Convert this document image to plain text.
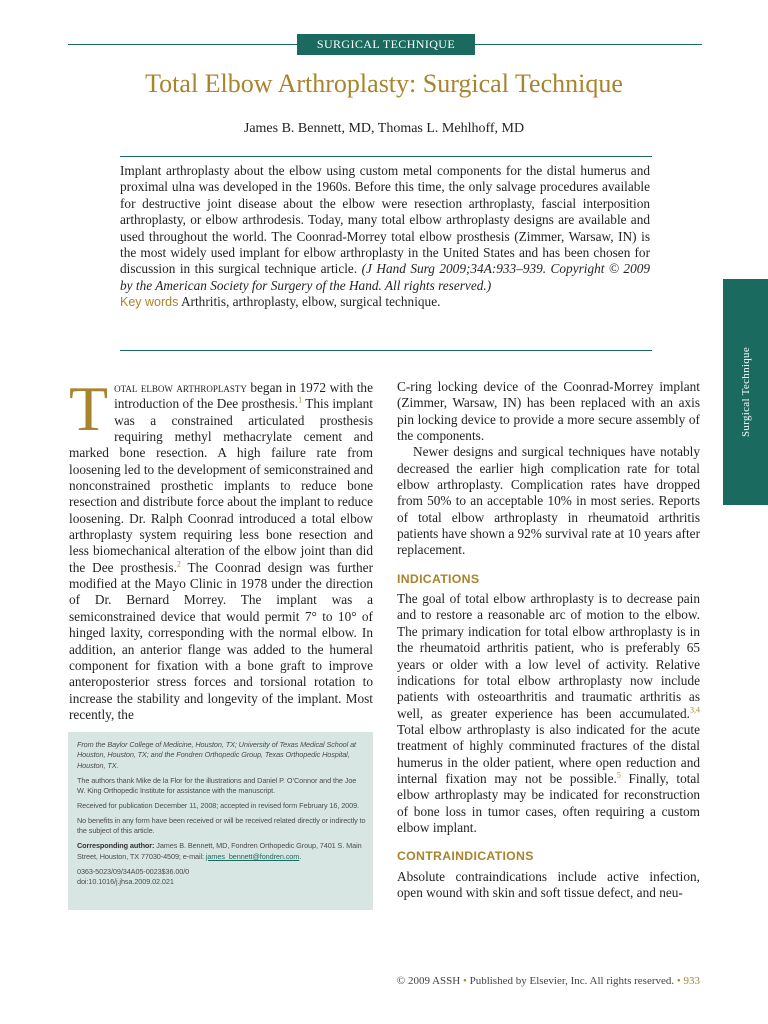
SURGICAL TECHNIQUE
Total Elbow Arthroplasty: Surgical Technique
James B. Bennett, MD, Thomas L. Mehlhoff, MD
Implant arthroplasty about the elbow using custom metal components for the distal humerus and proximal ulna was developed in the 1960s. Before this time, the only salvage procedures available for destructive joint disease about the elbow were resection arthroplasty, fascial interposition arthroplasty, or elbow arthrodesis. Today, many total elbow arthroplasty designs are available and used throughout the world. The Coonrad-Morrey total elbow prosthesis (Zimmer, Warsaw, IN) is the most widely used implant for elbow arthroplasty in the United States and has been chosen for discussion in this surgical technique article. (J Hand Surg 2009;34A:933–939. Copyright © 2009 by the American Society for Surgery of the Hand. All rights reserved.)
Key words Arthritis, arthroplasty, elbow, surgical technique.
Surgical Technique

Total elbow arthroplasty began in 1972 with the introduction of the Dee prosthesis.$^1$ This implant was a constrained articulated prosthesis requiring methyl methacrylate cement and marked bone resection. A high failure rate from loosening led to the development of semiconstrained and nonconstrained prosthetic implants to reduce bone resection and distribute force about the implant to reduce loosening. Dr. Ralph Coonrad introduced a total elbow arthroplasty system requiring less bone resection and less biomechanical alteration of the elbow joint than did the Dee prosthesis.$^2$ The Coonrad design was further modified at the Mayo Clinic in 1978 under the direction of Dr. Bernard Morrey. The implant was a semiconstrained device that would permit 7° to 10° of hinged laxity, corresponding with the normal elbow. In addition, an anterior flange was added to the humeral component for fixation with a bone graft to improve anteroposterior stress forces and torsional rotation to increase the stability and longevity of the implant. Most recently, the

From the Baylor College of Medicine, Houston, TX; University of Texas Medical School at Houston, Houston, TX; and the Fondren Orthopedic Group, Texas Orthopedic Hospital, Houston, TX.

The authors thank Mike de la Flor for the illustrations and Daniel P. O’Connor and the Joe W. King Orthopedic Institute for assistance with the manuscript.

Received for publication December 11, 2008; accepted in revised form February 16, 2009.

No benefits in any form have been received or will be received related directly or indirectly to the subject of this article.

Corresponding author: James B. Bennett, MD, Fondren Orthopedic Group, 7401 S. Main Street, Houston, TX 77030-4509; e-mail: james_bennett@fondren.com.

0363-5023/09/34A05-0023$36.00/0
doi:10.1016/j.jhsa.2009.02.021

C-ring locking device of the Coonrad-Morrey implant (Zimmer, Warsaw, IN) has been replaced with an axis pin locking device to provide a more secure assembly of the components.

Newer designs and surgical techniques have notably decreased the earlier high complication rate for total elbow arthroplasty. Complication rates have dropped from 50% to an acceptable 10% in most series. Reports of total elbow arthroplasty in rheumatoid arthritis patients have shown a 92% survival rate at 10 years after replacement.

INDICATIONS

The goal of total elbow arthroplasty is to decrease pain and to restore a reasonable arc of motion to the elbow. The primary indication for total elbow arthroplasty is in the rheumatoid arthritis patient, who is preferably 65 years or older with a low level of activity. Relative indications for total elbow arthroplasty now include patients with osteoarthritis and traumatic arthritis as well, as greater experience has been accumulated.$^{3,4}$ Total elbow arthroplasty is also indicated for the acute treatment of highly comminuted fractures of the distal humerus in the older patient, where open reduction and internal fixation may not be possible.$^5$ Finally, total elbow arthroplasty may be indicated for reconstruction of bone loss in tumor cases, often requiring a custom elbow implant.

CONTRAINDICATIONS

Absolute contraindications include active infection, open wound with skin and soft tissue defect, and neu-

© 2009 ASSH • Published by Elsevier, Inc. All rights reserved. • 933
